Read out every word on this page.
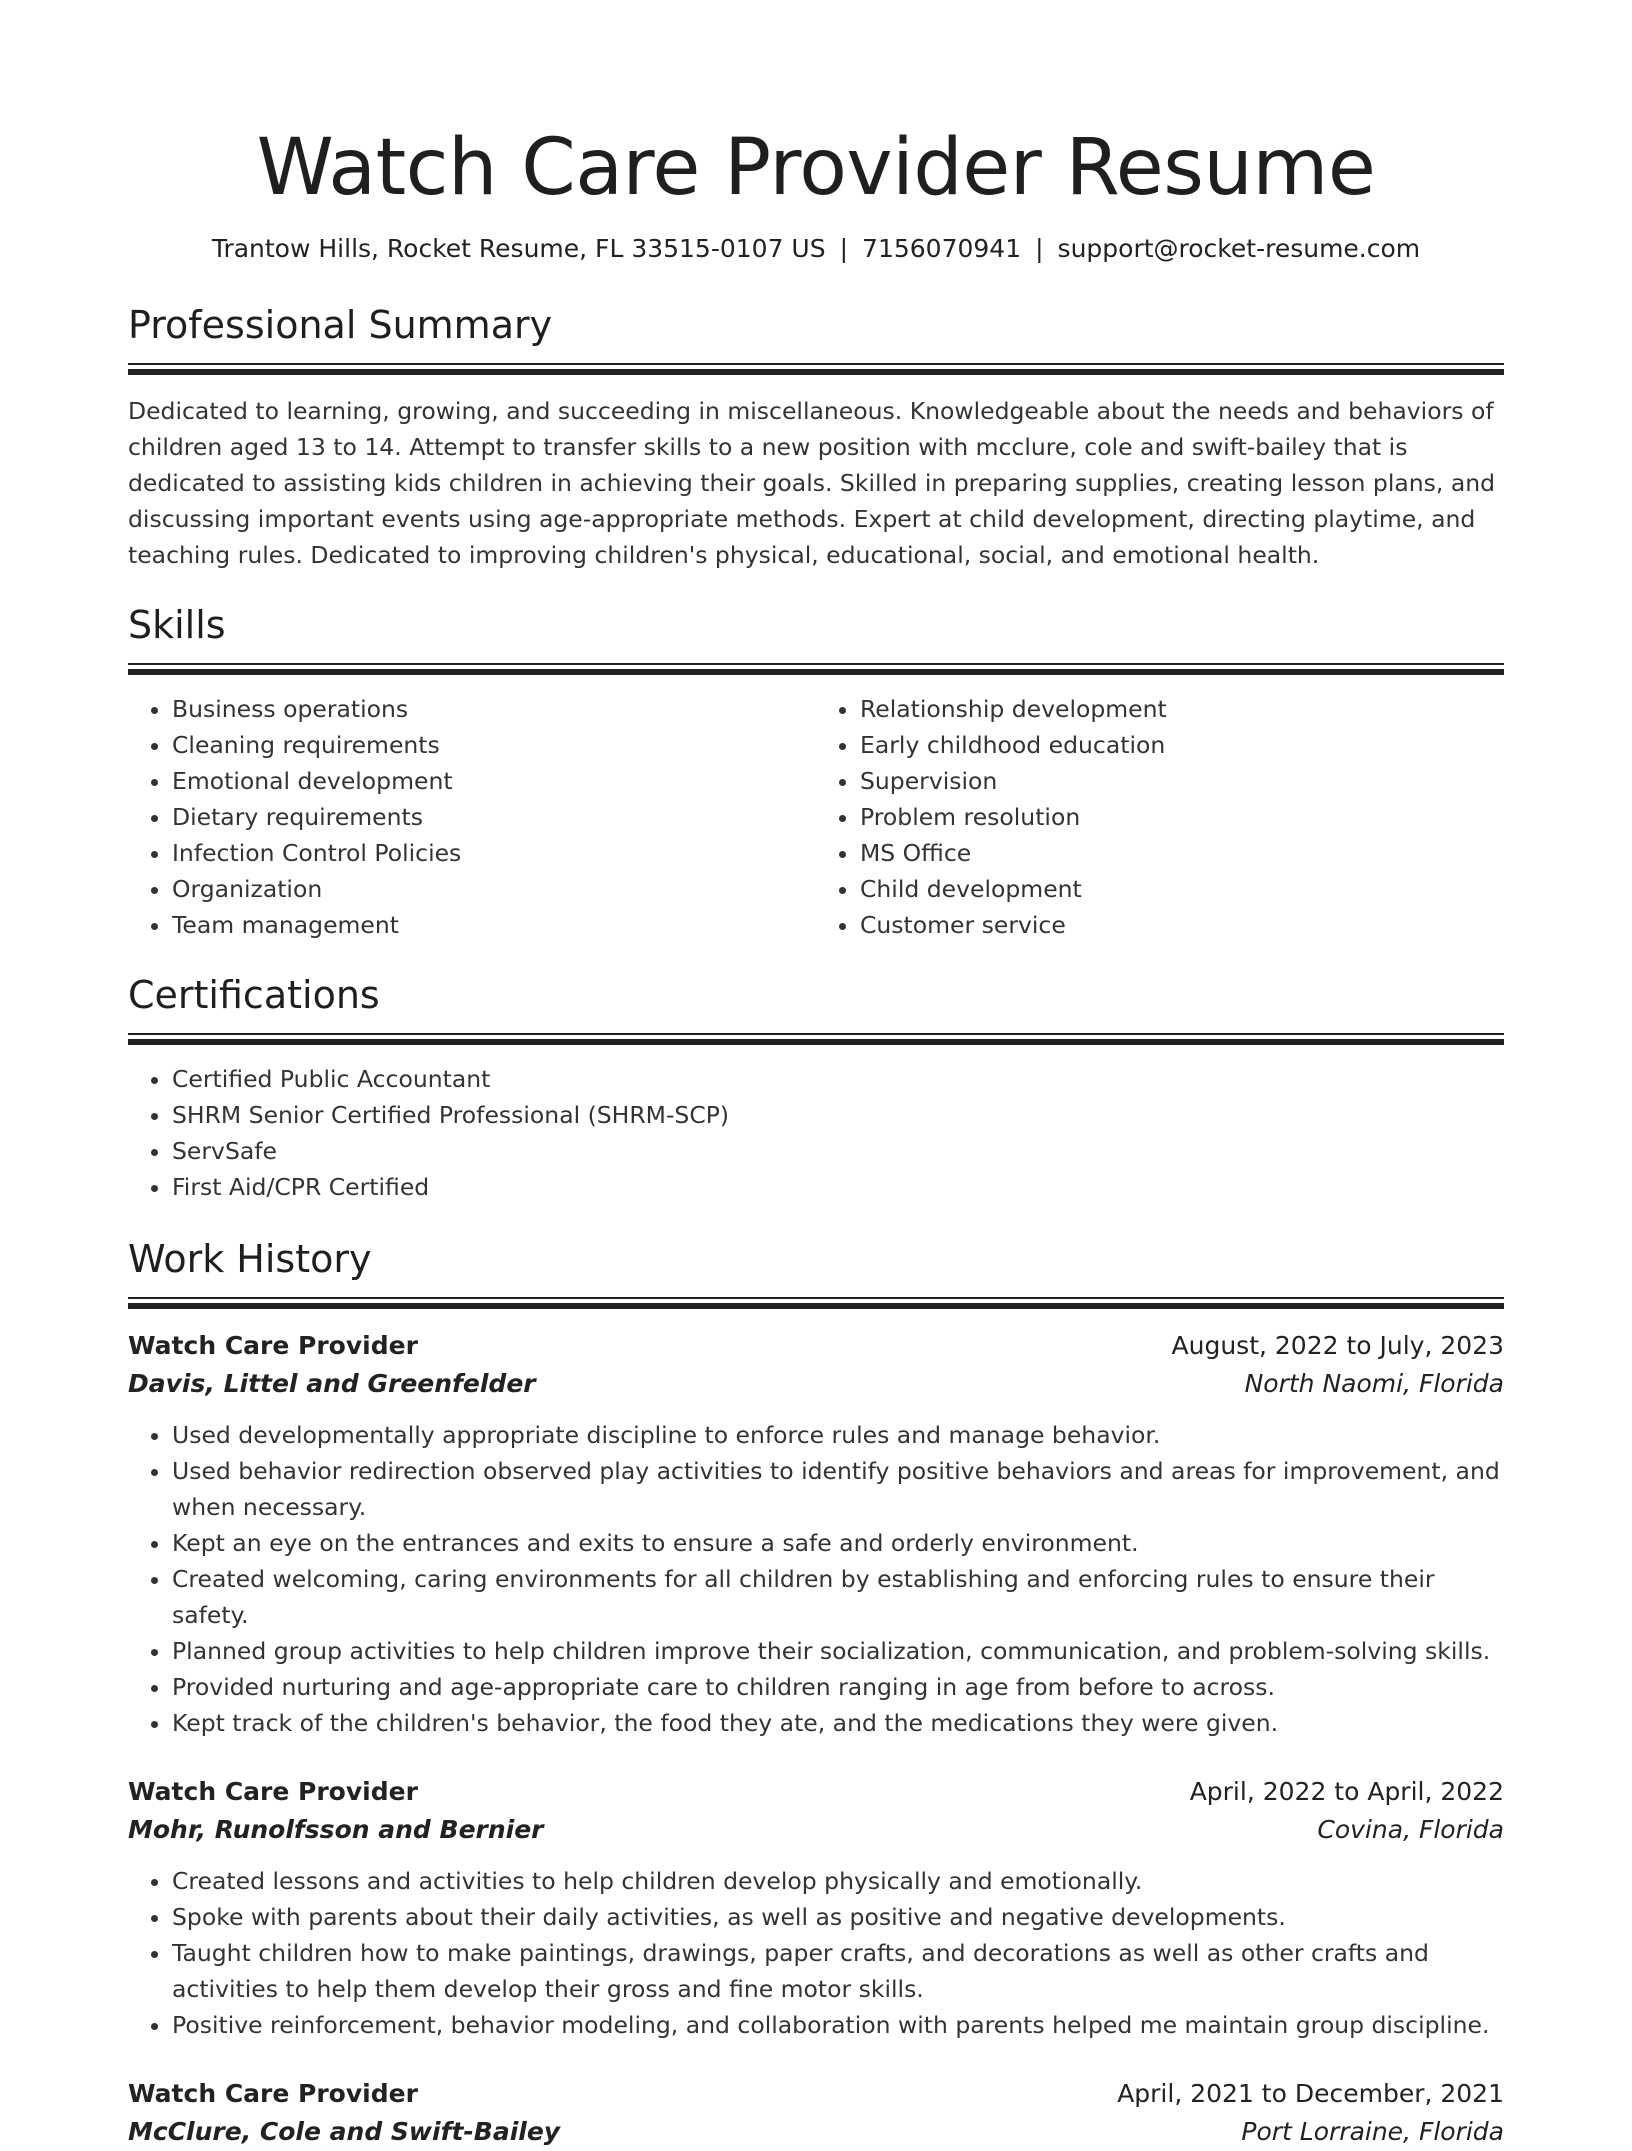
Watch Care Provider Resume
Trantow Hills, Rocket Resume, FL 33515-0107 US | 7156070941 | support@rocket-resume.com
Professional Summary

Dedicated to learning, growing, and succeeding in miscellaneous. Knowledgeable about the needs and behaviors of children aged 13 to 14. Attempt to transfer skills to a new position with mcclure, cole and swift-bailey that is dedicated to assisting kids children in achieving their goals. Skilled in preparing supplies, creating lesson plans, and discussing important events using age-appropriate methods. Expert at child development, directing playtime, and teaching rules. Dedicated to improving children's physical, educational, social, and emotional health.

Skills
• Business operations
• Cleaning requirements
• Emotional development
• Dietary requirements
• Infection Control Policies
• Organization
• Team management
• Relationship development
• Early childhood education
• Supervision
• Problem resolution
• MS Office
• Child development
• Customer service
Certifications
• Certified Public Accountant
• SHRM Senior Certified Professional (SHRM-SCP)
• ServSafe
• First Aid/CPR Certified
Work History
Watch Care Provider	August, 2022 to July, 2023
Davis, Littel and Greenfelder	North Naomi, Florida
• Used developmentally appropriate discipline to enforce rules and manage behavior.
• Used behavior redirection observed play activities to identify positive behaviors and areas for improvement, and when necessary.
• Kept an eye on the entrances and exits to ensure a safe and orderly environment.
• Created welcoming, caring environments for all children by establishing and enforcing rules to ensure their safety.
• Planned group activities to help children improve their socialization, communication, and problem-solving skills.
• Provided nurturing and age-appropriate care to children ranging in age from before to across.
• Kept track of the children's behavior, the food they ate, and the medications they were given.
Watch Care Provider	April, 2022 to April, 2022
Mohr, Runolfsson and Bernier	Covina, Florida
• Created lessons and activities to help children develop physically and emotionally.
• Spoke with parents about their daily activities, as well as positive and negative developments.
• Taught children how to make paintings, drawings, paper crafts, and decorations as well as other crafts and activities to help them develop their gross and fine motor skills.
• Positive reinforcement, behavior modeling, and collaboration with parents helped me maintain group discipline.
Watch Care Provider	April, 2021 to December, 2021
McClure, Cole and Swift-Bailey	Port Lorraine, Florida
